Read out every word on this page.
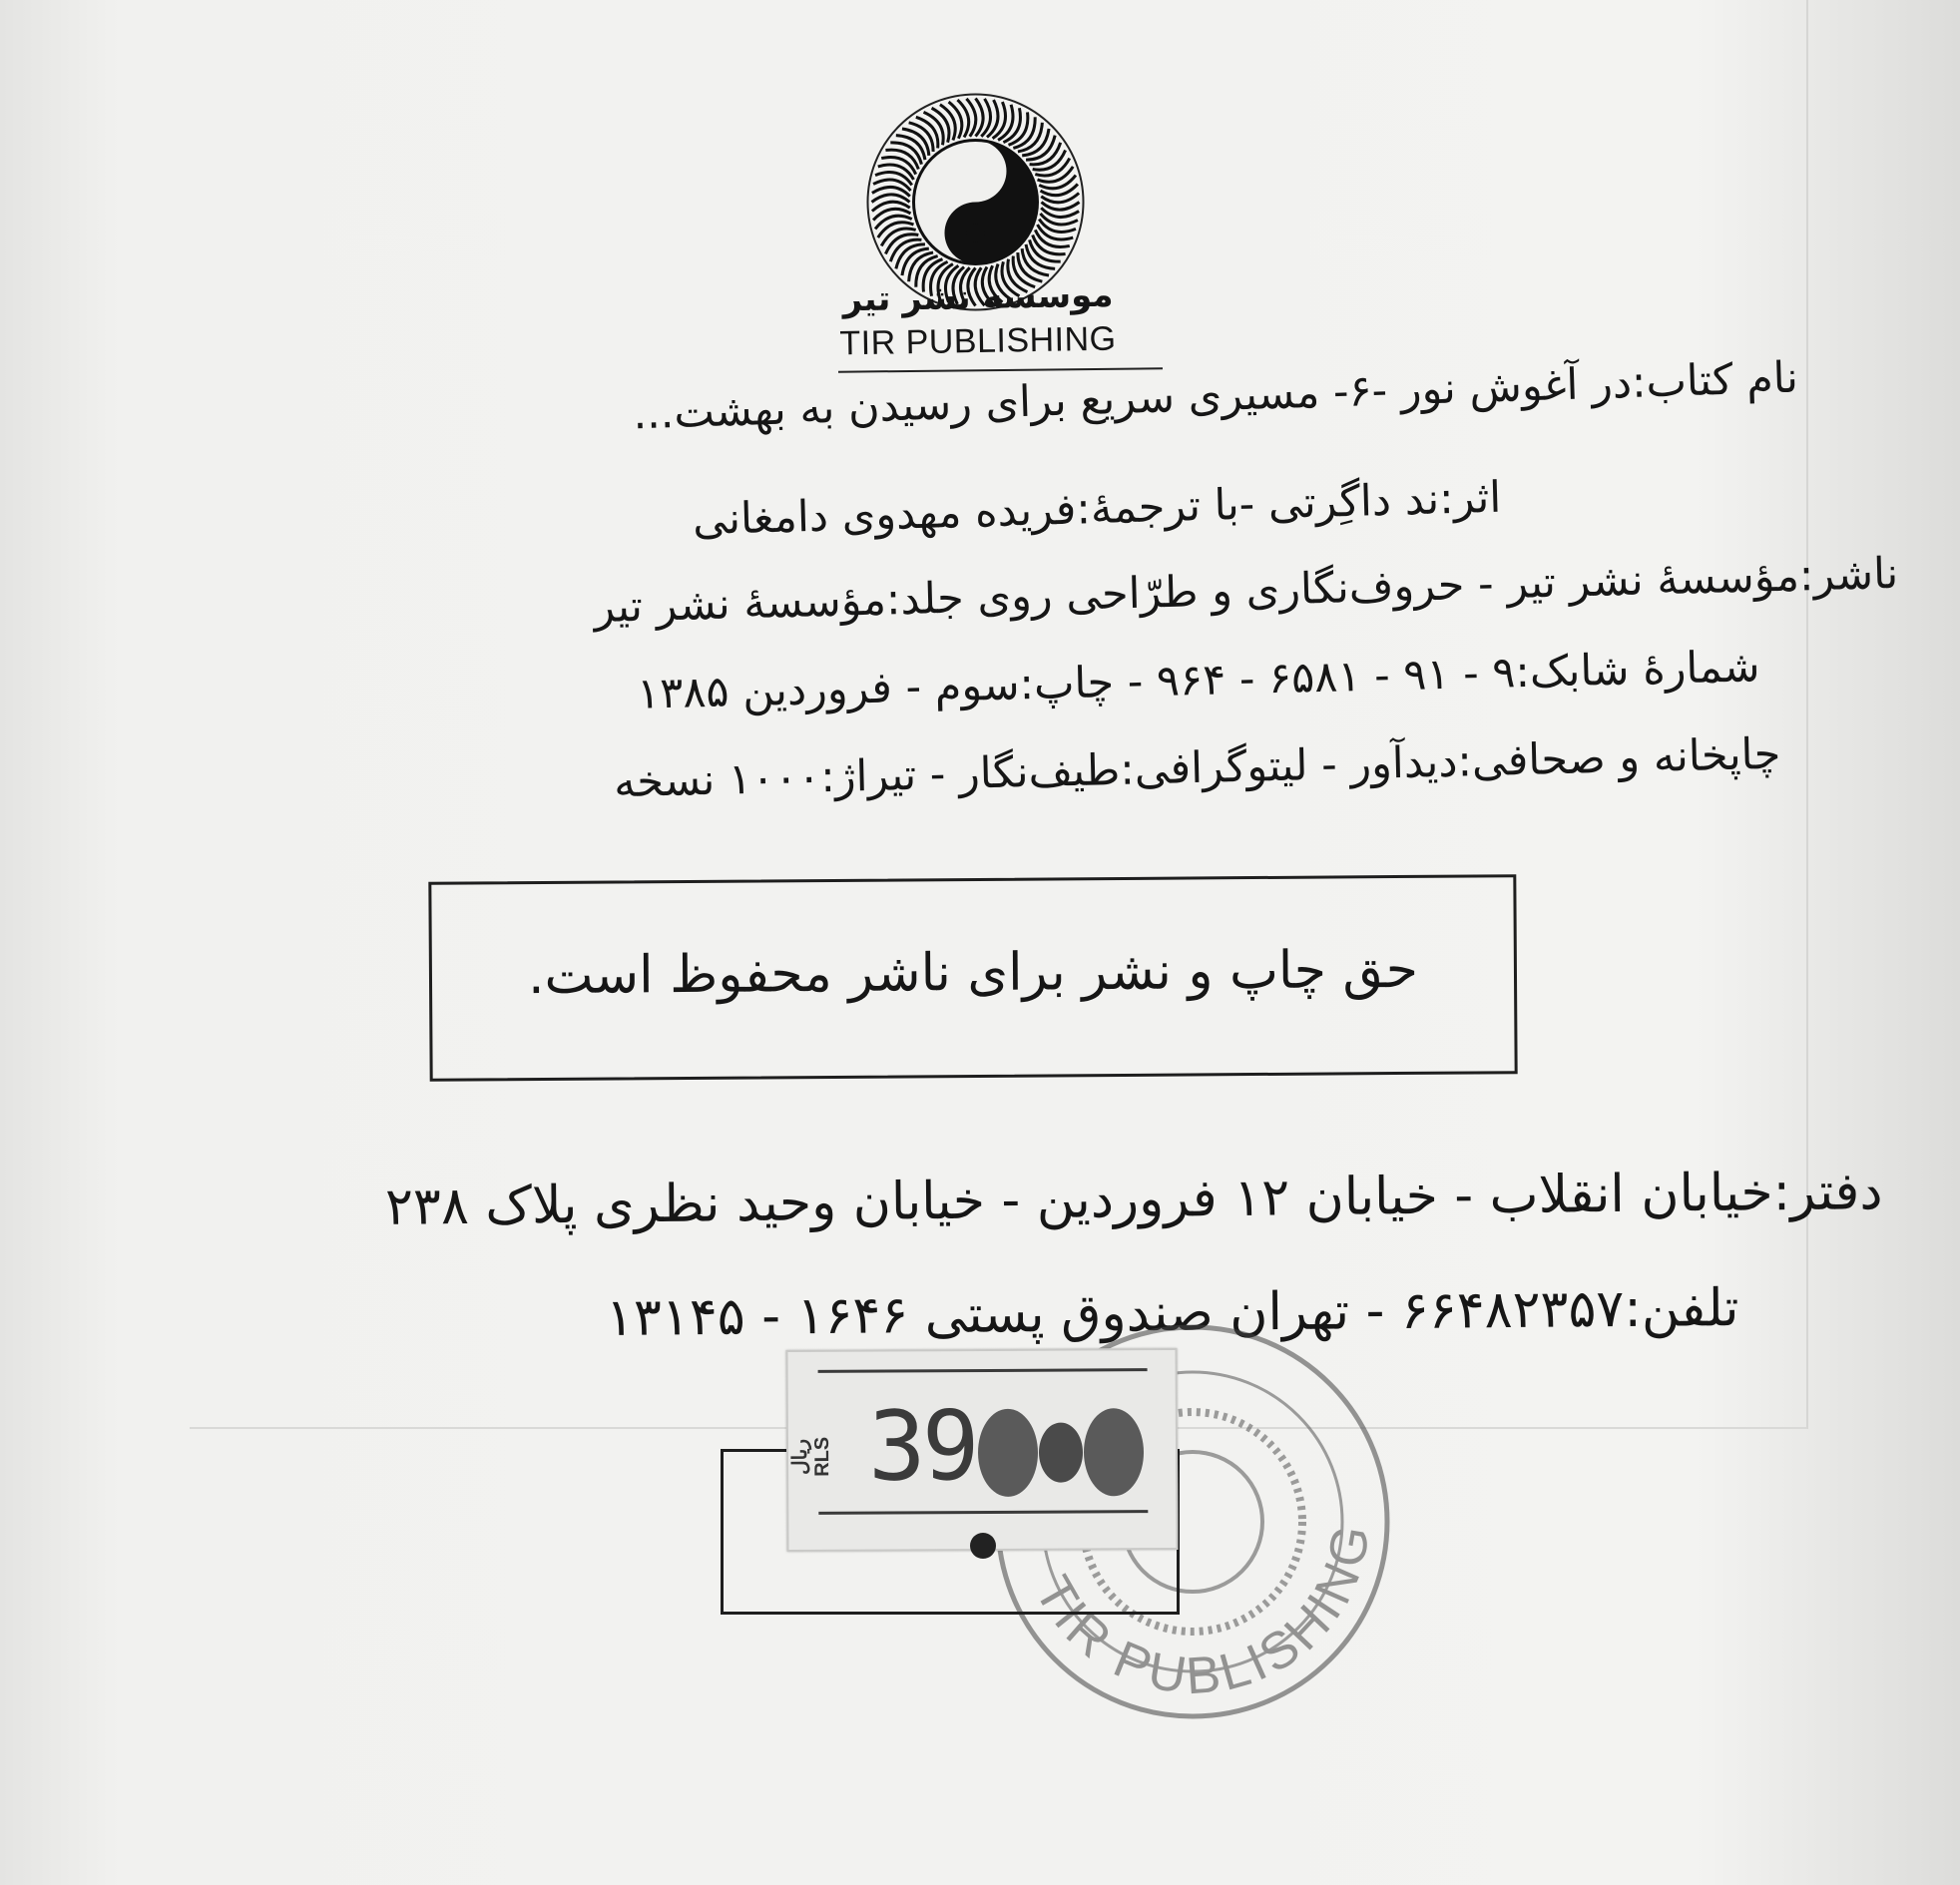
موسسه نشر تیر
TIR PUBLISHING
نام کتاب:در آغوش نور -۶- مسیری سریع برای رسیدن به بهشت...
اثر:ند داگِرتی -با ترجمهٔ:فریده مهدوی دامغانی
ناشر:مؤسسهٔ نشر تیر - حروف‌نگاری و طرّاحی روی جلد:مؤسسهٔ نشر تیر
شمارهٔ شابک:۹ - ۹۱ - ۶۵۸۱ - ۹۶۴ - چاپ:سوم - فروردین ۱۳۸۵
چاپخانه و صحافی:دیدآور - لیتوگرافی:طیف‌نگار - تیراژ:۱۰۰۰ نسخه
حق چاپ و نشر برای ناشر محفوظ است.
دفتر:خیابان انقلاب - خیابان ۱۲ فروردین - خیابان وحید نظری پلاک ۲۳۸
تلفن:۶۶۴۸۲۳۵۷ - تهران صندوق پستی ۱۶۴۶ - ۱۳۱۴۵
TIR PUBLISHING
ريال RLS 39
